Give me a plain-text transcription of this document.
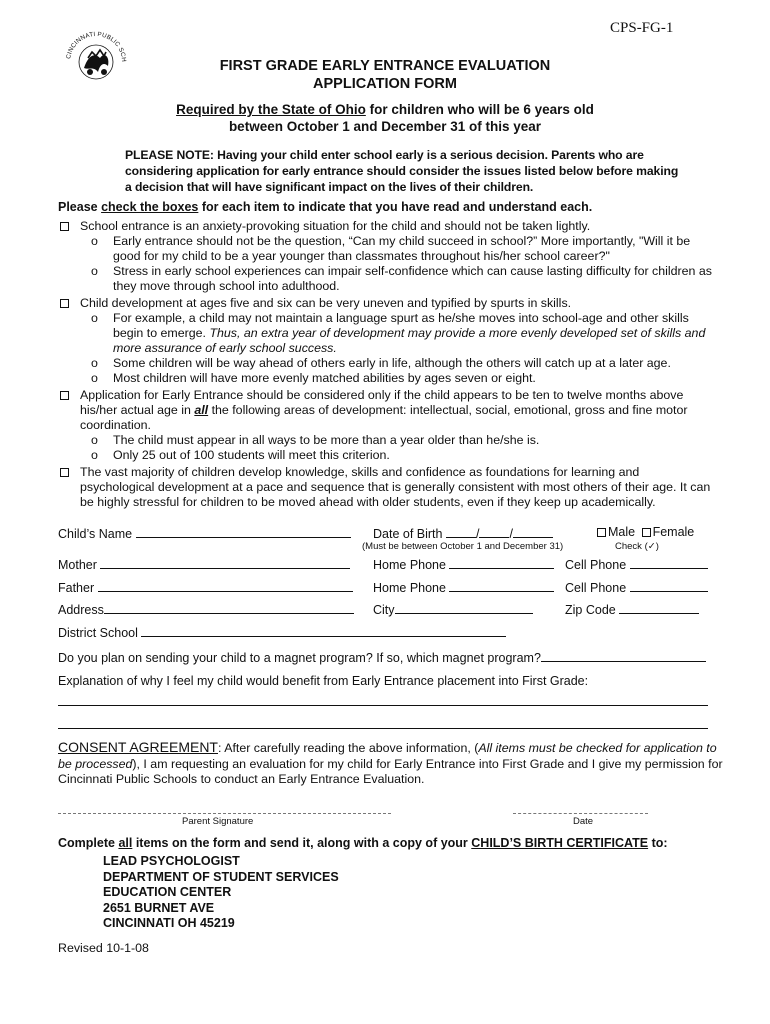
CINCINNATI PUBLIC SCH
CPS-FG-1
FIRST GRADE EARLY ENTRANCE EVALUATION
APPLICATION FORM
Required by the State of Ohio for children who will be 6 years old
between October 1 and December 31 of this year
PLEASE NOTE: Having your child enter school early is a serious decision. Parents who are
considering application for early entrance should consider the issues listed below before making
a decision that will have significant impact on the lives of their children.
Please check the boxes for each item to indicate that you have read and understand each.
School entrance is an anxiety-provoking situation for the child and should not be taken lightly.
o Early entrance should not be the question, “Can my child succeed in school?” More importantly, "Will it be good for my child to be a year younger than classmates throughout his/her school career?"
o Stress in early school experiences can impair self-confidence which can cause lasting difficulty for children as they move through school into adulthood.
Child development at ages five and six can be very uneven and typified by spurts in skills.
o For example, a child may not maintain a language spurt as he/she moves into school-age and other skills begin to emerge. Thus, an extra year of development may provide a more evenly developed set of skills and more assurance of early school success.
o Some children will be way ahead of others early in life, although the others will catch up at a later age.
o Most children will have more evenly matched abilities by ages seven or eight.
Application for Early Entrance should be considered only if the child appears to be ten to twelve months above his/her actual age in all the following areas of development: intellectual, social, emotional, gross and fine motor coordination.
o The child must appear in all ways to be more than a year older than he/she is.
o Only 25 out of 100 students will meet this criterion.
The vast majority of children develop knowledge, skills and confidence as foundations for learning and psychological development at a pace and sequence that is generally consistent with most others of their age. It can be highly stressful for children to be moved ahead with older students, even if they keep up academically.
Child’s Name	Date of Birth	/ /
(Must be between October 1 and December 31)
Male Female
Check (✓)
Mother	Home Phone	Cell Phone
Father	Home Phone	Cell Phone
Address	City	Zip Code
District School
Do you plan on sending your child to a magnet program? If so, which magnet program?
Explanation of why I feel my child would benefit from Early Entrance placement into First Grade:
CONSENT AGREEMENT: After carefully reading the above information, (All items must be checked for application to be processed), I am requesting an evaluation for my child for Early Entrance into First Grade and I give my permission for Cincinnati Public Schools to conduct an Early Entrance Evaluation.
Parent Signature	Date
Complete all items on the form and send it, along with a copy of your CHILD’S BIRTH CERTIFICATE to:
LEAD PSYCHOLOGIST
DEPARTMENT OF STUDENT SERVICES
EDUCATION CENTER
2651 BURNET AVE
CINCINNATI OH 45219
Revised 10-1-08
